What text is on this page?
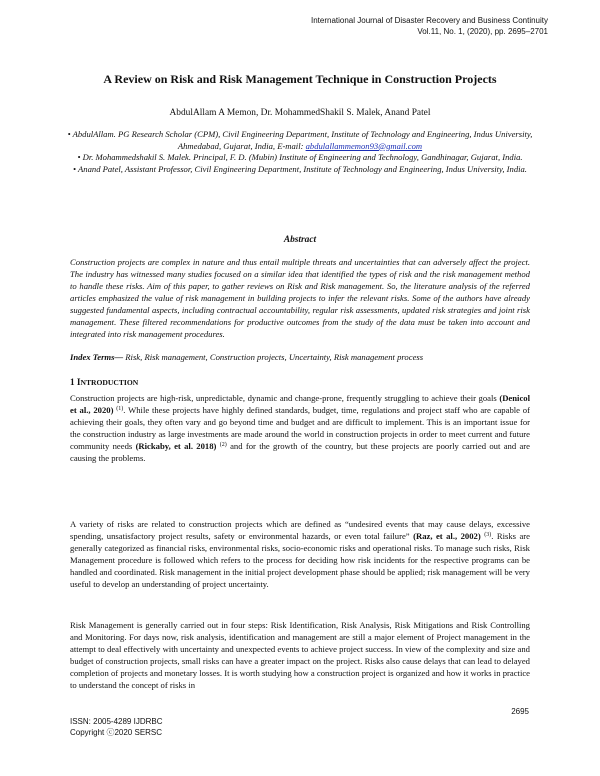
International Journal of Disaster Recovery and Business Continuity
Vol.11, No. 1, (2020), pp. 2695–2701
A Review on Risk and Risk Management Technique in Construction Projects
AbdulAllam A Memon, Dr. MohammedShakil S. Malek, Anand Patel

• AbdulAllam. PG Research Scholar (CPM), Civil Engineering Department, Institute of Technology and Engineering, Indus University, Ahmedabad, Gujarat, India, E-mail: abdulallammemon93@gmail.com

• Dr. Mohammedshakil S. Malek. Principal, F. D. (Mubin) Institute of Engineering and Technology, Gandhinagar, Gujarat, India.

• Anand Patel, Assistant Professor, Civil Engineering Department, Institute of Technology and Engineering, Indus University, India.

Abstract

Construction projects are complex in nature and thus entail multiple threats and uncertainties that can adversely affect the project. The industry has witnessed many studies focused on a similar idea that identified the types of risk and the risk management method to handle these risks. Aim of this paper, to gather reviews on Risk and Risk management. So, the literature analysis of the referred articles emphasized the value of risk management in building projects to infer the relevant risks. Some of the authors have already suggested fundamental aspects, including contractual accountability, regular risk assessments, updated risk strategies and joint risk management. These filtered recommendations for productive outcomes from the study of the data must be taken into account and integrated into risk management procedures.

Index Terms— Risk, Risk management, Construction projects, Uncertainty, Risk management process

1 INTRODUCTION

Construction projects are high-risk, unpredictable, dynamic and change-prone, frequently struggling to achieve their goals (Denicol et al., 2020) $^{(1)}$. While these projects have highly defined standards, budget, time, regulations and project staff who are capable of achieving their goals, they often vary and go beyond time and budget and are difficult to implement. This is an important issue for the construction industry as large investments are made around the world in construction projects in order to meet current and future community needs (Rickaby, et al. 2018) $^{(2)}$ and for the growth of the country, but these projects are poorly carried out and are causing the problems.

A variety of risks are related to construction projects which are defined as “undesired events that may cause delays, excessive spending, unsatisfactory project results, safety or environmental hazards, or even total failure” (Raz, et al., 2002) $^{(3)}$. Risks are generally categorized as financial risks, environmental risks, socio-economic risks and operational risks. To manage such risks, Risk Management procedure is followed which refers to the process for deciding how risk incidents for the respective programs can be handled and coordinated. Risk management in the initial project development phase should be applied; risk management will be very useful to develop an understanding of project uncertainty.

Risk Management is generally carried out in four steps: Risk Identification, Risk Analysis, Risk Mitigations and Risk Controlling and Monitoring. For days now, risk analysis, identification and management are still a major element of Project management in the attempt to deal effectively with uncertainty and unexpected events to achieve project success. In view of the complexity and size and budget of construction projects, small risks can have a greater impact on the project. Risks also cause delays that can lead to delayed completion of projects and monetary losses. It is worth studying how a construction project is organized and how it works in practice to understand the concept of risks in

2695
ISSN: 2005-4289 IJDRBC
Copyright ⓒ2020 SERSC
